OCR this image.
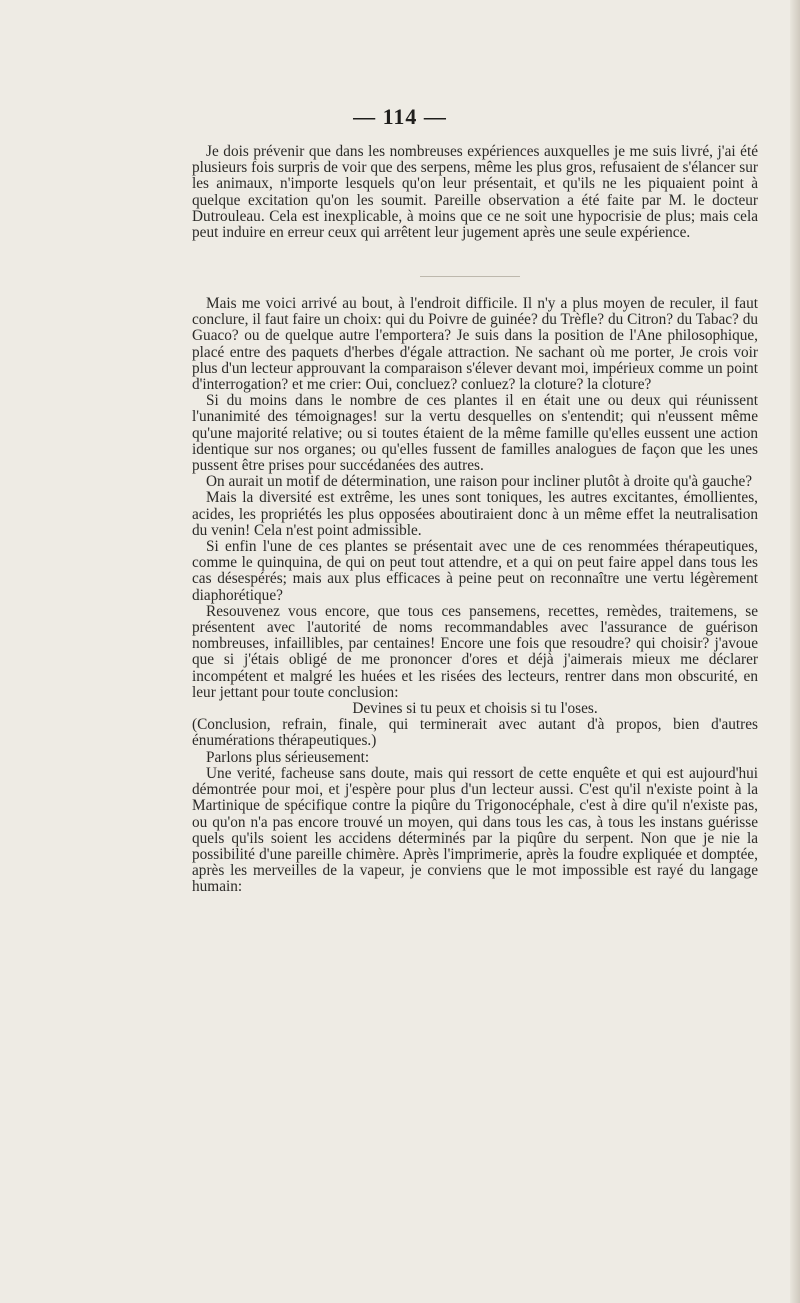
— 114 —

Je dois prévenir que dans les nombreuses expériences auxquelles je me suis livré, j'ai été plusieurs fois surpris de voir que des serpens, même les plus gros, refusaient de s'élancer sur les animaux, n'importe lesquels qu'on leur présentait, et qu'ils ne les piquaient point à quelque excitation qu'on les soumit. Pareille observation a été faite par M. le docteur Dutrouleau. Cela est inexplicable, à moins que ce ne soit une hypocrisie de plus; mais cela peut induire en erreur ceux qui arrêtent leur jugement après une seule expérience.

Mais me voici arrivé au bout, à l'endroit difficile. Il n'y a plus moyen de reculer, il faut conclure, il faut faire un choix: qui du Poivre de guinée? du Trèfle? du Citron? du Tabac? du Guaco? ou de quelque autre l'emportera? Je suis dans la position de l'Ane philosophique, placé entre des paquets d'herbes d'égale attraction. Ne sachant où me porter, Je crois voir plus d'un lecteur approuvant la comparaison s'élever devant moi, impérieux comme un point d'interrogation? et me crier: Oui, concluez? conluez? la cloture? la cloture?

Si du moins dans le nombre de ces plantes il en était une ou deux qui réunissent l'unanimité des témoignages! sur la vertu desquelles on s'entendit; qui n'eussent même qu'une majorité relative; ou si toutes étaient de la même famille qu'elles eussent une action identique sur nos organes; ou qu'elles fussent de familles analogues de façon que les unes pussent être prises pour succédanées des autres.

On aurait un motif de détermination, une raison pour incliner plutôt à droite qu'à gauche?

Mais la diversité est extrême, les unes sont toniques, les autres excitantes, émollientes, acides, les propriétés les plus opposées aboutiraient donc à un même effet la neutralisation du venin! Cela n'est point admissible.

Si enfin l'une de ces plantes se présentait avec une de ces renommées thérapeutiques, comme le quinquina, de qui on peut tout attendre, et a qui on peut faire appel dans tous les cas désespérés; mais aux plus efficaces à peine peut on reconnaître une vertu légèrement diaphorétique?

Resouvenez vous encore, que tous ces pansemens, recettes, remèdes, traitemens, se présentent avec l'autorité de noms recommandables avec l'assurance de guérison nombreuses, infaillibles, par centaines! Encore une fois que resoudre? qui choisir? j'avoue que si j'étais obligé de me prononcer d'ores et déjà j'aimerais mieux me déclarer incompétent et malgré les huées et les risées des lecteurs, rentrer dans mon obscurité, en leur jettant pour toute conclusion:

Devines si tu peux et choisis si tu l'oses.

(Conclusion, refrain, finale, qui terminerait avec autant d'à propos, bien d'autres énumérations thérapeutiques.)

Parlons plus sérieusement:

Une verité, facheuse sans doute, mais qui ressort de cette enquête et qui est aujourd'hui démontrée pour moi, et j'espère pour plus d'un lecteur aussi. C'est qu'il n'existe point à la Martinique de spécifique contre la piqûre du Trigonocéphale, c'est à dire qu'il n'existe pas, ou qu'on n'a pas encore trouvé un moyen, qui dans tous les cas, à tous les instans guérisse quels qu'ils soient les accidens déterminés par la piqûre du serpent. Non que je nie la possibilité d'une pareille chimère. Après l'imprimerie, après la foudre expliquée et domptée, après les merveilles de la vapeur, je conviens que le mot impossible est rayé du langage humain:
